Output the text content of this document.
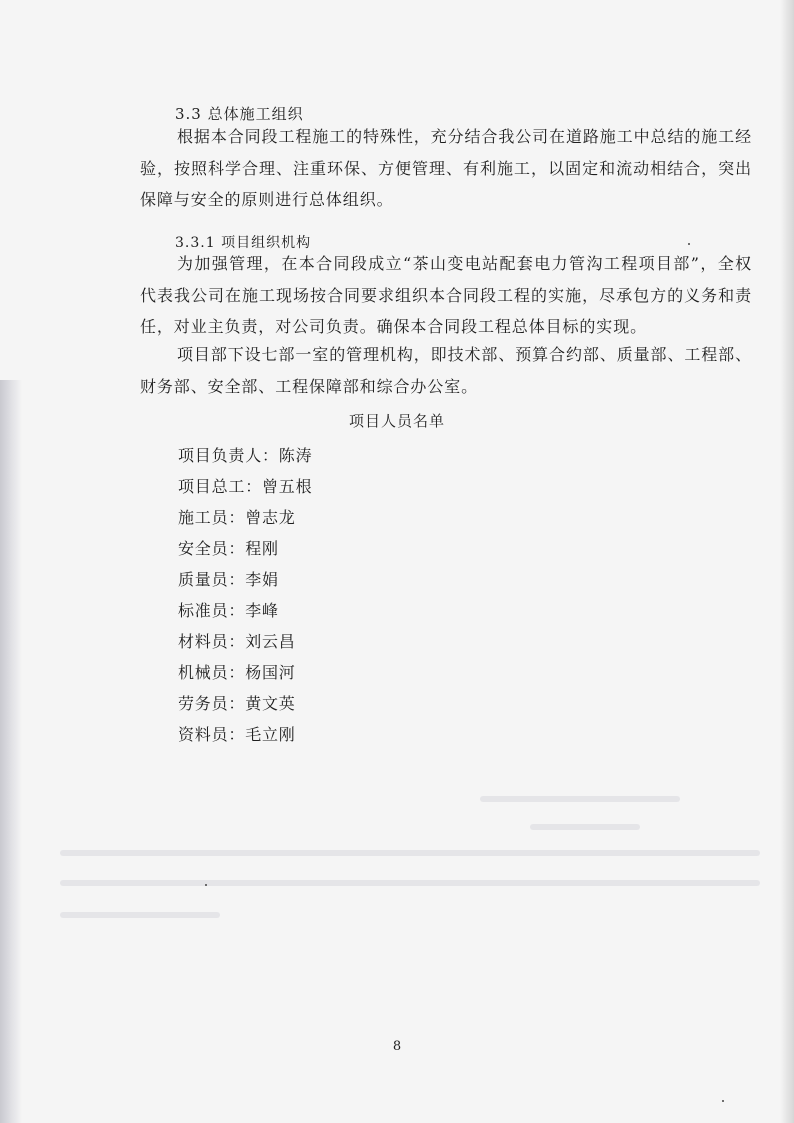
3.3 总体施工组织

根据本合同段工程施工的特殊性，充分结合我公司在道路施工中总结的施工经验，按照科学合理、注重环保、方便管理、有利施工，以固定和流动相结合，突出保障与安全的原则进行总体组织。

3.3.1 项目组织机构

为加强管理，在本合同段成立“茶山变电站配套电力管沟工程项目部”，全权代表我公司在施工现场按合同要求组织本合同段工程的实施，尽承包方的义务和责任，对业主负责，对公司负责。确保本合同段工程总体目标的实现。

项目部下设七部一室的管理机构，即技术部、预算合约部、质量部、工程部、财务部、安全部、工程保障部和综合办公室。

项目人员名单
项目负责人：陈涛
项目总工：曾五根
施工员：曾志龙
安全员：程刚
质量员：李娟
标准员：李峰
材料员：刘云昌
机械员：杨国河
劳务员：黄文英
资料员：毛立刚
8
